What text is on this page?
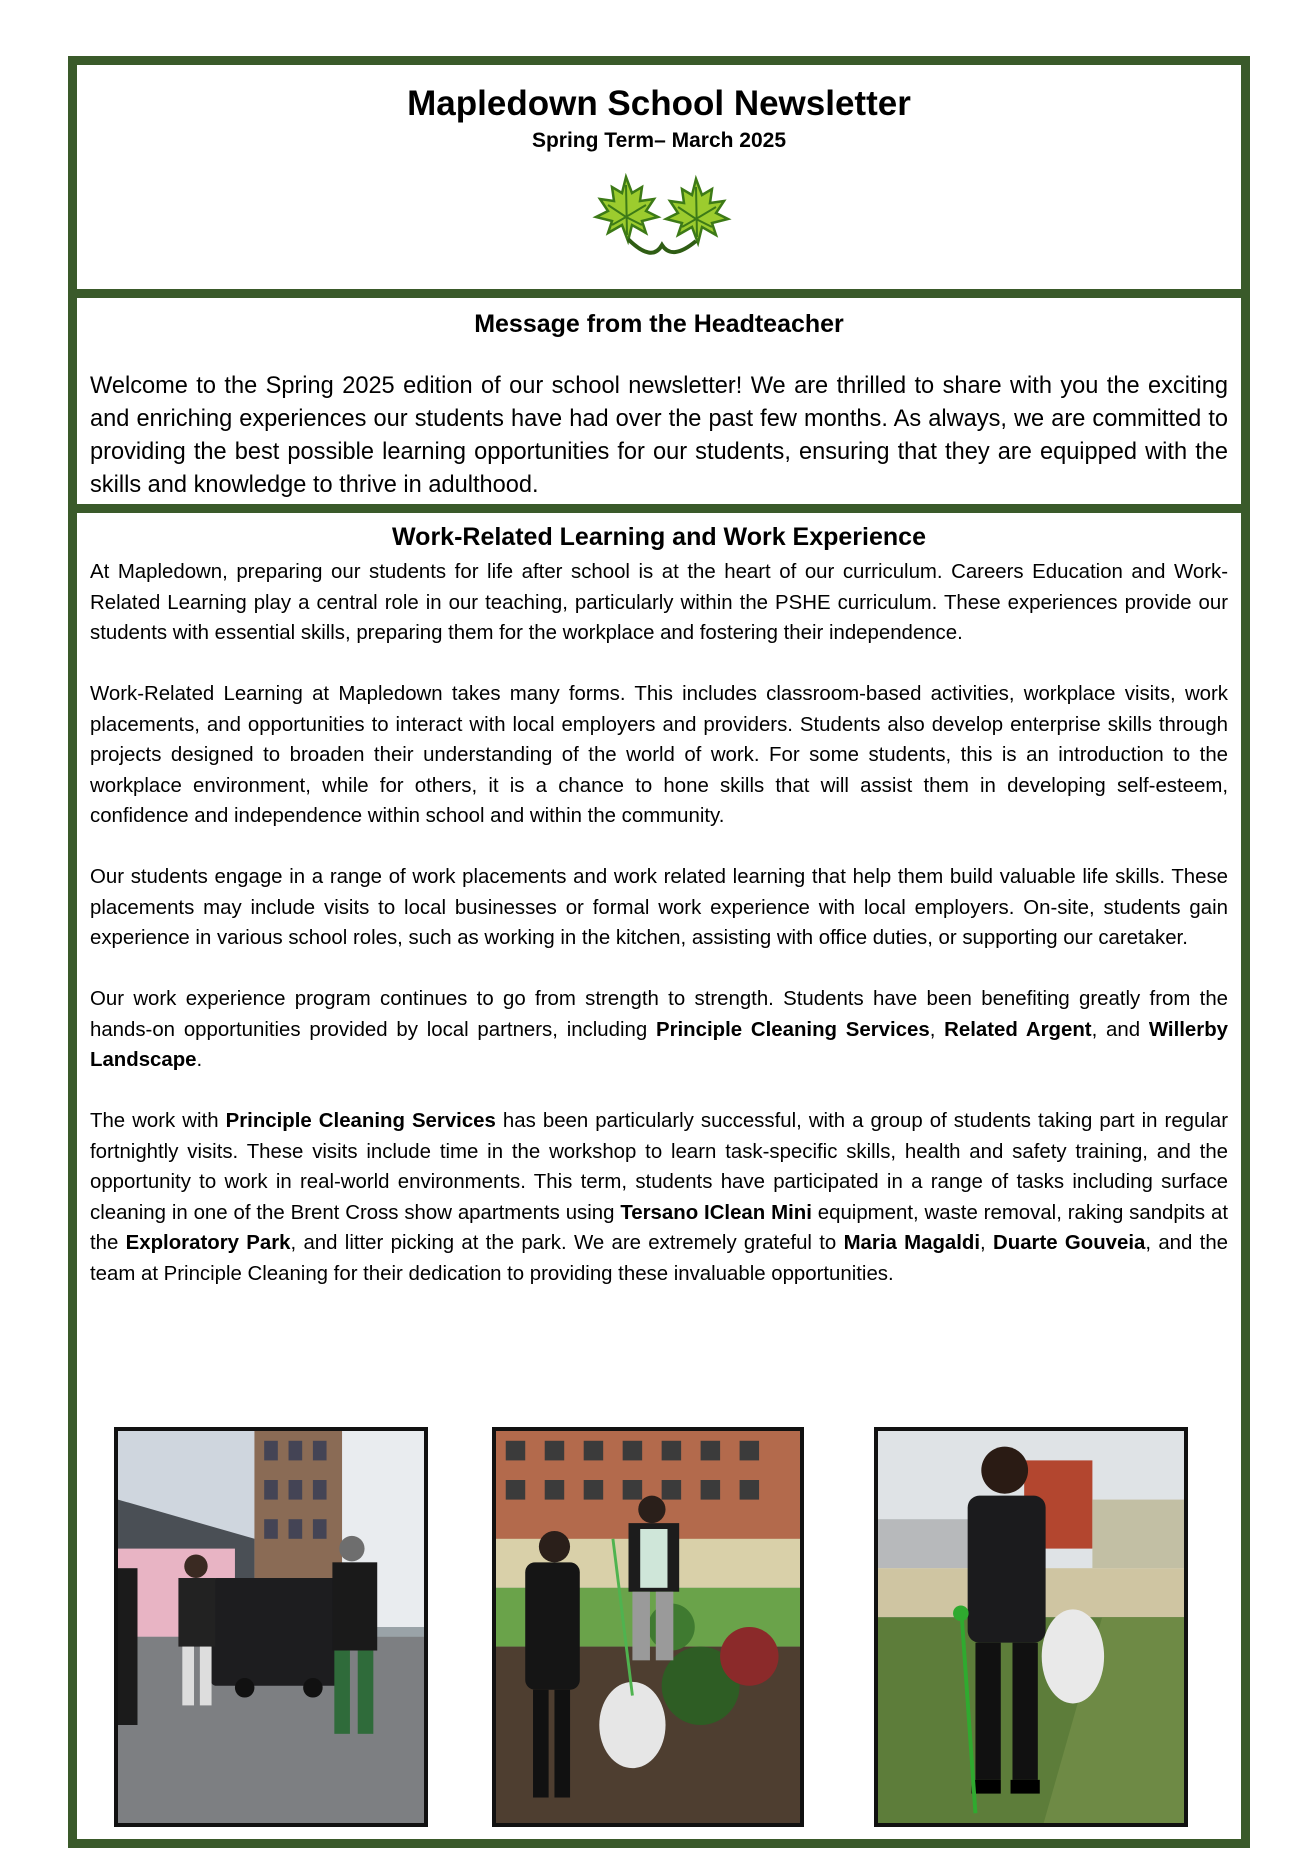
Mapledown School Newsletter
Spring Term– March 2025
Message from the Headteacher

Welcome to the Spring 2025 edition of our school newsletter! We are thrilled to share with you the exciting and enriching experiences our students have had over the past few months. As always, we are committed to providing the best possible learning opportunities for our students, ensuring that they are equipped with the skills and knowledge to thrive in adulthood.

Work-Related Learning and Work Experience

At Mapledown, preparing our students for life after school is at the heart of our curriculum. Careers Education and Work-Related Learning play a central role in our teaching, particularly within the PSHE curriculum. These experiences provide our students with essential skills, preparing them for the workplace and fostering their independence.

Work-Related Learning at Mapledown takes many forms. This includes classroom-based activities, workplace visits, work placements, and opportunities to interact with local employers and providers. Students also develop enterprise skills through projects designed to broaden their understanding of the world of work. For some students, this is an introduction to the workplace environment, while for others, it is a chance to hone skills that will assist them in developing self-esteem, confidence and independence within school and within the community.

Our students engage in a range of work placements and work related learning that help them build valuable life skills. These placements may include visits to local businesses or formal work experience with local employers. On-site, students gain experience in various school roles, such as working in the kitchen, assisting with office duties, or supporting our caretaker.

Our work experience program continues to go from strength to strength. Students have been benefiting greatly from the hands-on opportunities provided by local partners, including Principle Cleaning Services, Related Argent, and Willerby Landscape.

The work with Principle Cleaning Services has been particularly successful, with a group of students taking part in regular fortnightly visits. These visits include time in the workshop to learn task-specific skills, health and safety training, and the opportunity to work in real-world environments. This term, students have participated in a range of tasks including surface cleaning in one of the Brent Cross show apartments using Tersano IClean Mini equipment, waste removal, raking sandpits at the Exploratory Park, and litter picking at the park. We are extremely grateful to Maria Magaldi, Duarte Gouveia, and the team at Principle Cleaning for their dedication to providing these invaluable opportunities.
